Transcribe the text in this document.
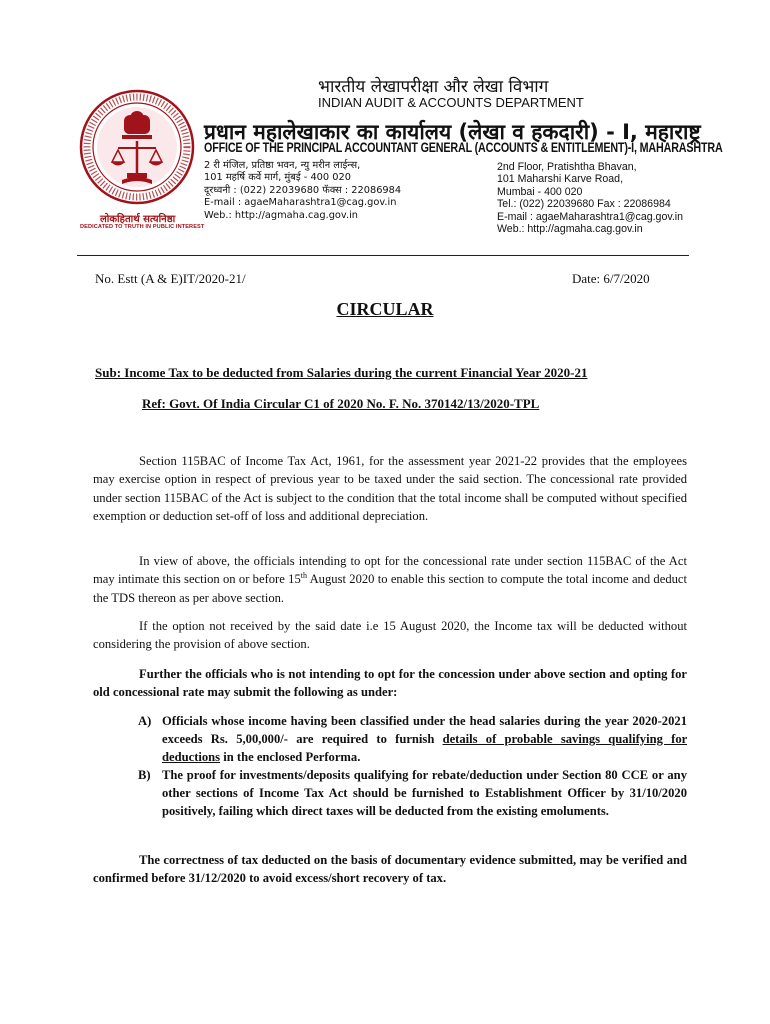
लोकहितार्थ सत्यनिष्ठा
DEDICATED TO TRUTH IN PUBLIC INTEREST
भारतीय लेखापरीक्षा और लेखा विभाग
INDIAN AUDIT & ACCOUNTS DEPARTMENT
प्रधान महालेखाकार का कार्यालय (लेखा व हकदारी) - I, महाराष्ट्र
OFFICE OF THE PRINCIPAL ACCOUNTANT GENERAL (ACCOUNTS & ENTITLEMENT)-I, MAHARASHTRA
2 री मंजिल, प्रतिष्ठा भवन, न्यु मरीन लाईन्स,
101 महर्षि कर्वे मार्ग, मुंबई - 400 020
दूरध्वनी : (022) 22039680 फॅक्स : 22086984
E-mail : agaeMaharashtra1@cag.gov.in
Web.: http://agmaha.cag.gov.in
2nd Floor, Pratishtha Bhavan,
101 Maharshi Karve Road,
Mumbai - 400 020
Tel.: (022) 22039680 Fax : 22086984
E-mail : agaeMaharashtra1@cag.gov.in
Web.: http://agmaha.cag.gov.in
No. Estt (A & E)IT/2020-21/	Date: 6/7/2020
CIRCULAR
Sub: Income Tax to be deducted from Salaries during the current Financial Year 2020-21
Ref: Govt. Of India Circular C1 of 2020 No. F. No. 370142/13/2020-TPL
Section 115BAC of Income Tax Act, 1961, for the assessment year 2021-22 provides that the employees may exercise option in respect of previous year to be taxed under the said section. The concessional rate provided under section 115BAC of the Act is subject to the condition that the total income shall be computed without specified exemption or deduction set-off of loss and additional depreciation.
In view of above, the officials intending to opt for the concessional rate under section 115BAC of the Act may intimate this section on or before 15th August 2020 to enable this section to compute the total income and deduct the TDS thereon as per above section.
If the option not received by the said date i.e 15 August 2020, the Income tax will be deducted without considering the provision of above section.
Further the officials who is not intending to opt for the concession under above section and opting for old concessional rate may submit the following as under:
A) Officials whose income having been classified under the head salaries during the year 2020-2021 exceeds Rs. 5,00,000/- are required to furnish details of probable savings qualifying for deductions in the enclosed Performa.
B) The proof for investments/deposits qualifying for rebate/deduction under Section 80 CCE or any other sections of Income Tax Act should be furnished to Establishment Officer by 31/10/2020 positively, failing which direct taxes will be deducted from the existing emoluments.
The correctness of tax deducted on the basis of documentary evidence submitted, may be verified and confirmed before 31/12/2020 to avoid excess/short recovery of tax.
